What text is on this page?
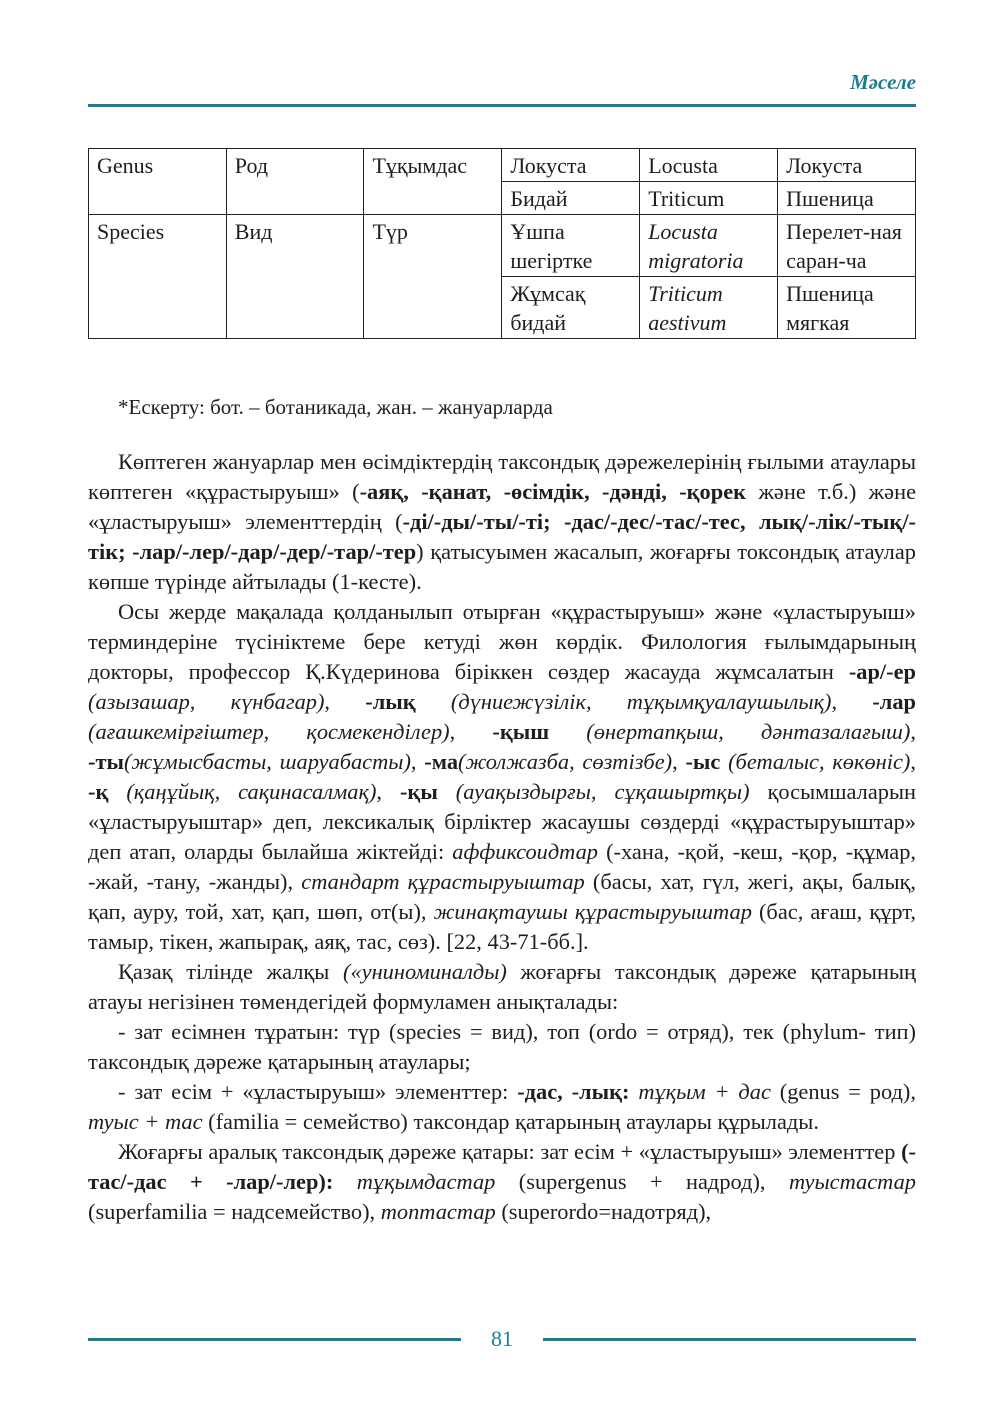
Мәселе
Genus	Род	Тұқымдас	Локуста	Locusta	Локуста
			Бидай	Triticum	Пшеница
Species	Вид	Түр	Ұшпа шегіртке	Locusta migratoria	Перелет-ная саран-ча
			Жұмсақ бидай	Triticum aestivum	Пшеница мягкая
*Ескерту: бот. – ботаникада, жан. – жануарларда

Көптеген жануарлар мен өсімдіктердің таксондық дәрежелерінің ғылыми атаулары көптеген «құрастыруыш» (-аяқ, -қанат, -өсімдік, -дәнді, -қорек және т.б.) және «ұластыруыш» элементтердің (-ді/-ды/-ты/-ті; -дас/-дес/-тас/-тес, лық/-лік/-тық/-тік; -лар/-лер/-дар/-дер/-тар/-тер) қатысуымен жасалып, жоғарғы токсондық атаулар көпше түрінде айтылады (1-кесте).

Осы жерде мақалада қолданылып отырған «құрастыруыш» және «ұластыруыш» терминдеріне түсініктеме бере кетуді жөн көрдік. Филология ғылымдарының докторы, профессор Қ.Күдеринова біріккен сөздер жасауда жұмсалатын -ар/-ер (азызашар, күнбагар), -лық (дүниежүзілік, тұқымқуалаушылық), -лар (ағашкемірғіштер, қосмекенділер), -қыш (өнертапқыш, дәнтазалағыш), -ты(жұмысбасты, шаруабасты), -ма(жолжазба, сөзтізбе), -ыс (беталыс, көкөніс), -қ (қаңұйық, сақинасалмақ), -қы (ауақыздырғы, сұқашыртқы) қосымшаларын «ұластыруыштар» деп, лексикалық бірліктер жасаушы сөздерді «құрастыруыштар» деп атап, оларды былайша жіктейді: аффиксоидтар (-хана, -қой, -кеш, -қор, -құмар, -жай, -тану, -жанды), стандарт құрастыруыштар (басы, хат, гүл, жегі, ақы, балық, қап, ауру, той, хат, қап, шөп, от(ы), жинақтаушы құрастыруыштар (бас, ағаш, құрт, тамыр, тікен, жапырақ, аяқ, тас, сөз). [22, 43-71-бб.].

Қазақ тілінде жалқы («униноминалды) жоғарғы таксондық дәреже қатарының атауы негізінен төмендегідей формуламен анықталады:

- зат есімнен тұратын: түр (species = вид), топ (ordo = отряд), тек (phylum- тип) таксондық дәреже қатарының атаулары;

- зат есім + «ұластыруыш» элементтер: -дас, -лық: тұқым + дас (genus = род), туыс + тас (familia = семейство) таксондар қатарының атаулары құрылады.

Жоғарғы аралық таксондық дәреже қатары: зат есім + «ұластыруыш» элементтер (-тас/-дас + -лар/-лер): тұқымдастар (supergenus + надрод), туыстастар (superfamilia = надсемейство), топтастар (superordo=надотряд),

81
